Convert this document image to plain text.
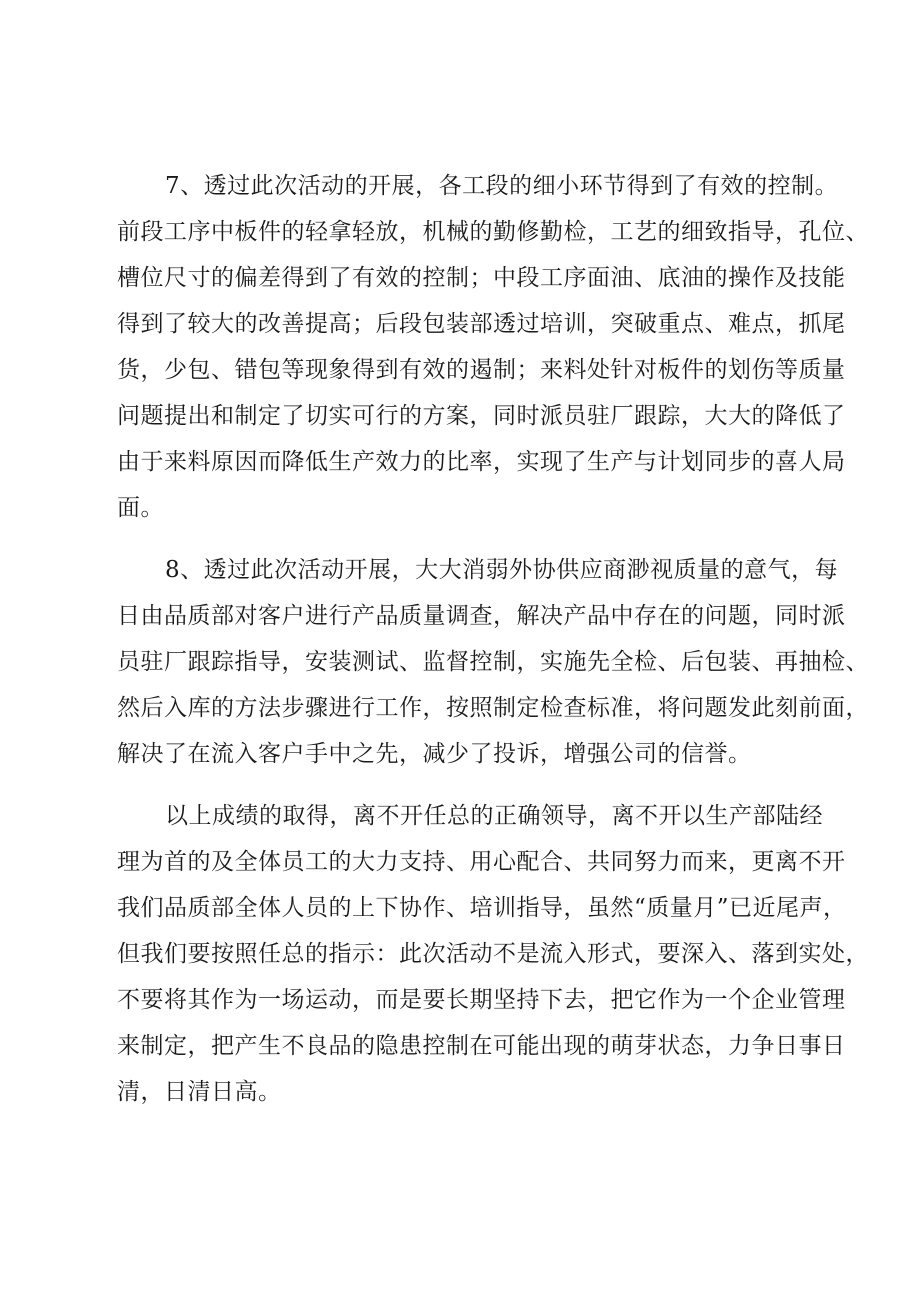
7、透过此次活动的开展，各工段的细小环节得到了有效的控制。
前段工序中板件的轻拿轻放，机械的勤修勤检，工艺的细致指导，孔位、
槽位尺寸的偏差得到了有效的控制；中段工序面油、底油的操作及技能
得到了较大的改善提高；后段包装部透过培训，突破重点、难点，抓尾
货，少包、错包等现象得到有效的遏制；来料处针对板件的划伤等质量
问题提出和制定了切实可行的方案，同时派员驻厂跟踪，大大的降低了
由于来料原因而降低生产效力的比率，实现了生产与计划同步的喜人局
面。
8、透过此次活动开展，大大消弱外协供应商渺视质量的意气，每
日由品质部对客户进行产品质量调查，解决产品中存在的问题，同时派
员驻厂跟踪指导，安装测试、监督控制，实施先全检、后包装、再抽检、
然后入库的方法步骤进行工作，按照制定检查标准，将问题发此刻前面，
解决了在流入客户手中之先，减少了投诉，增强公司的信誉。
以上成绩的取得，离不开任总的正确领导，离不开以生产部陆经
理为首的及全体员工的大力支持、用心配合、共同努力而来，更离不开
我们品质部全体人员的上下协作、培训指导，虽然“质量月”已近尾声，
但我们要按照任总的指示：此次活动不是流入形式，要深入、落到实处，
不要将其作为一场运动，而是要长期坚持下去，把它作为一个企业管理
来制定，把产生不良品的隐患控制在可能出现的萌芽状态，力争日事日
清，日清日高。
